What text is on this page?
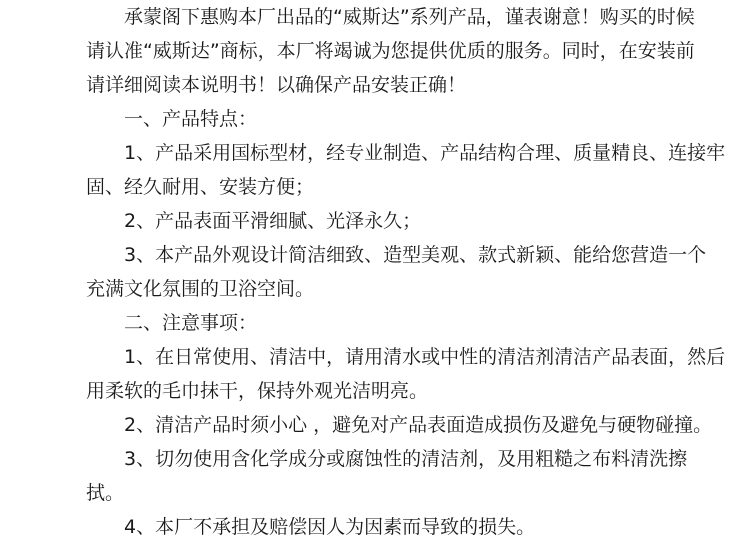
　　承蒙阁下惠购本厂出品的“威斯达”系列产品，谨表谢意！购买的时候
请认准“威斯达”商标，本厂将竭诚为您提供优质的服务。同时，在安装前
请详细阅读本说明书！以确保产品安装正确！
　　一、产品特点：
　　1、产品采用国标型材，经专业制造、产品结构合理、质量精良、连接牢
固、经久耐用、安装方便；
　　2、产品表面平滑细腻、光泽永久；
　　3、本产品外观设计简洁细致、造型美观、款式新颖、能给您营造一个
充满文化氛围的卫浴空间。
　　二、注意事项：
　　1、在日常使用、清洁中，请用清水或中性的清洁剂清洁产品表面，然后
用柔软的毛巾抹干，保持外观光洁明亮。
　　2、清洁产品时须小心 ，避免对产品表面造成损伤及避免与硬物碰撞。
　　3、切勿使用含化学成分或腐蚀性的清洁剂，及用粗糙之布料清洗擦
拭。
　　4、本厂不承担及赔偿因人为因素而导致的损失。
